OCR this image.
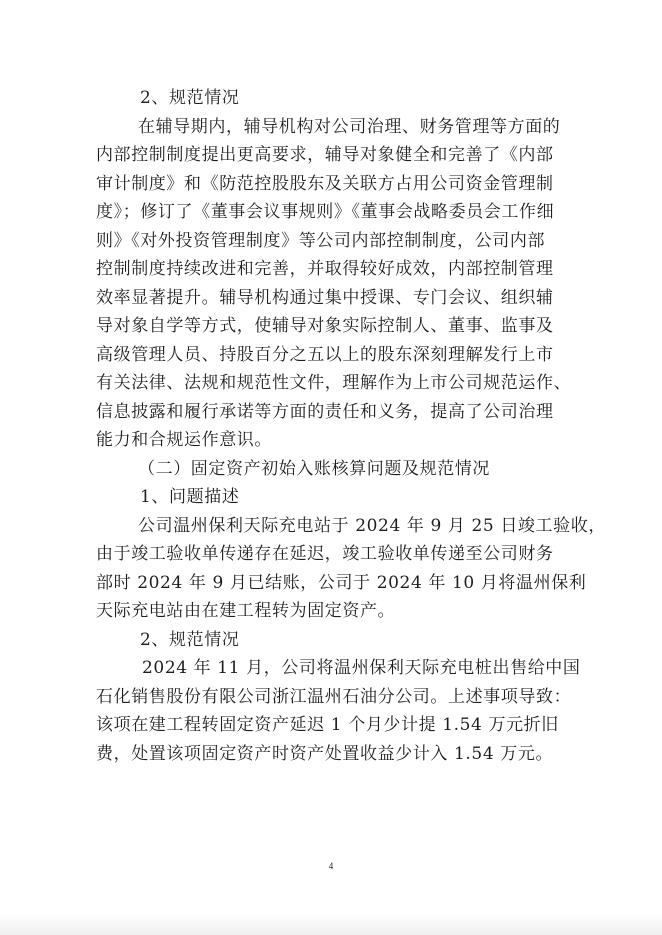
2、规范情况
在辅导期内，辅导机构对公司治理、财务管理等方面的
内部控制制度提出更高要求，辅导对象健全和完善了《内部
审计制度》和《防范控股股东及关联方占用公司资金管理制
度》；修订了《董事会议事规则》《董事会战略委员会工作细
则》《对外投资管理制度》等公司内部控制制度，公司内部
控制制度持续改进和完善，并取得较好成效，内部控制管理
效率显著提升。辅导机构通过集中授课、专门会议、组织辅
导对象自学等方式，使辅导对象实际控制人、董事、监事及
高级管理人员、持股百分之五以上的股东深刻理解发行上市
有关法律、法规和规范性文件，理解作为上市公司规范运作、
信息披露和履行承诺等方面的责任和义务，提高了公司治理
能力和合规运作意识。
（二）固定资产初始入账核算问题及规范情况
1、问题描述
公司温州保利天际充电站于 2024 年 9 月 25 日竣工验收，
由于竣工验收单传递存在延迟，竣工验收单传递至公司财务
部时 2024 年 9 月已结账，公司于 2024 年 10 月将温州保利
天际充电站由在建工程转为固定资产。
2、规范情况
2024 年 11 月，公司将温州保利天际充电桩出售给中国
石化销售股份有限公司浙江温州石油分公司。上述事项导致：
该项在建工程转固定资产延迟 1 个月少计提 1.54 万元折旧
费，处置该项固定资产时资产处置收益少计入 1.54 万元。
4
